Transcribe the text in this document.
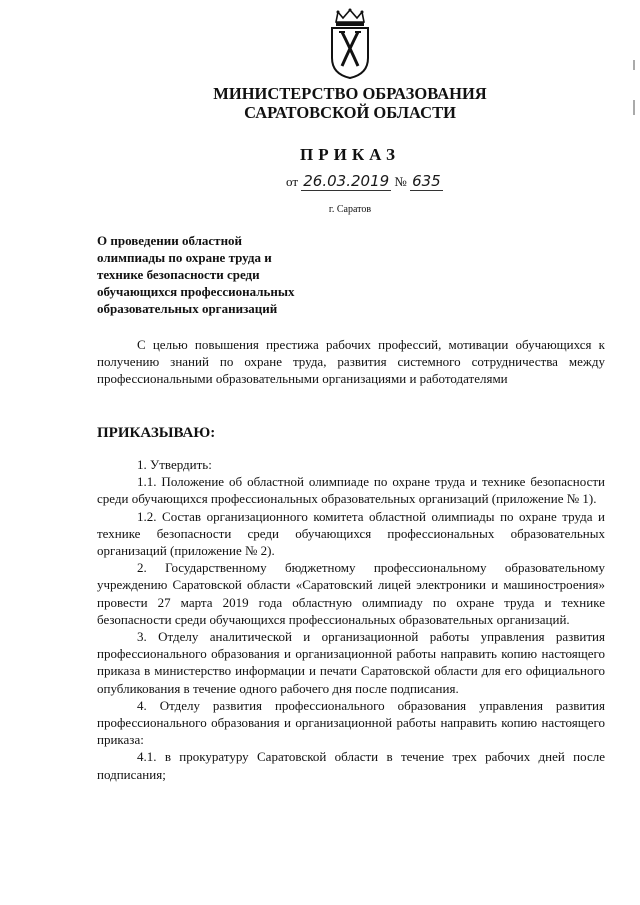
МИНИСТЕРСТВО ОБРАЗОВАНИЯ
САРАТОВСКОЙ ОБЛАСТИ
ПРИКАЗ
от 26.03.2019 № 635
г. Саратов
О проведении областной
олимпиады по охране труда и
технике безопасности среди
обучающихся профессиональных
образовательных организаций

С целью повышения престижа рабочих профессий, мотивации обучающихся к получению знаний по охране труда, развития системного сотрудничества между профессиональными образовательными организациями и работодателями

ПРИКАЗЫВАЮ:

1. Утвердить:

1.1. Положение об областной олимпиаде по охране труда и технике безопасности среди обучающихся профессиональных образовательных организаций (приложение № 1).

1.2. Состав организационного комитета областной олимпиады по охране труда и технике безопасности среди обучающихся профессиональных образовательных организаций (приложение № 2).

2. Государственному бюджетному профессиональному образовательному учреждению Саратовской области «Саратовский лицей электроники и машиностроения» провести 27 марта 2019 года областную олимпиаду по охране труда и технике безопасности среди обучающихся профессиональных образовательных организаций.

3. Отделу аналитической и организационной работы управления развития профессионального образования и организационной работы направить копию настоящего приказа в министерство информации и печати Саратовской области для его официального опубликования в течение одного рабочего дня после подписания.

4. Отделу развития профессионального образования управления развития профессионального образования и организационной работы направить копию настоящего приказа:

4.1. в прокуратуру Саратовской области в течение трех рабочих дней после подписания;
